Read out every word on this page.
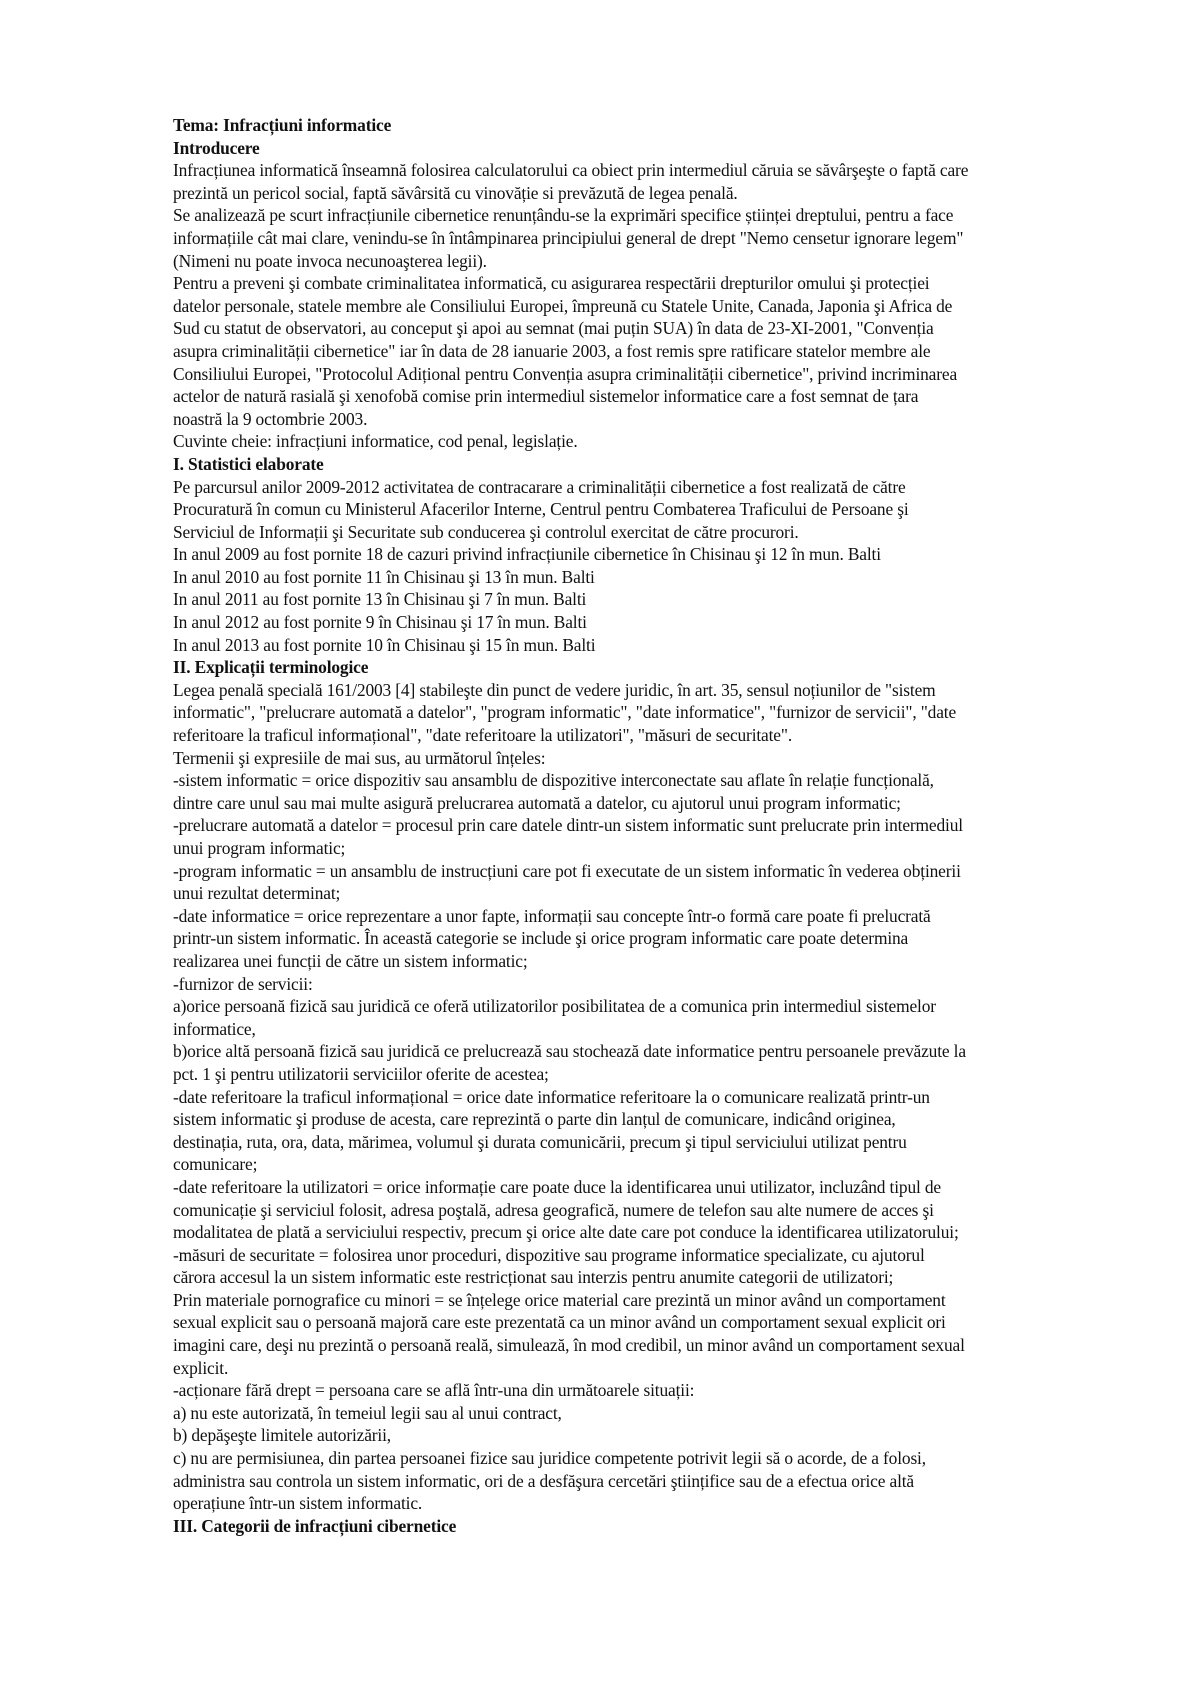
Tema: Infracțiuni informatice
Introducere
Infracțiunea informatică înseamnă folosirea calculatorului ca obiect prin intermediul căruia se săvârşeşte o faptă care
prezintă un pericol social, faptă săvârsită cu vinovăție si prevăzută de legea penală.
Se analizează pe scurt infracțiunile cibernetice renunțându-se la exprimări specifice științei dreptului, pentru a face
informațiile cât mai clare, venindu-se în întâmpinarea principiului general de drept "Nemo censetur ignorare legem"
(Nimeni nu poate invoca necunoaşterea legii).
Pentru a preveni şi combate criminalitatea informatică, cu asigurarea respectării drepturilor omului şi protecției
datelor personale, statele membre ale Consiliului Europei, împreună cu Statele Unite, Canada, Japonia şi Africa de
Sud cu statut de observatori, au conceput şi apoi au semnat (mai puțin SUA) în data de 23-XI-2001, "Convenția
asupra criminalității cibernetice" iar în data de 28 ianuarie 2003, a fost remis spre ratificare statelor membre ale
Consiliului Europei, "Protocolul Adițional pentru Convenția asupra criminalității cibernetice", privind incriminarea
actelor de natură rasială şi xenofobă comise prin intermediul sistemelor informatice care a fost semnat de țara
noastră la 9 octombrie 2003.
Cuvinte cheie: infracțiuni informatice, cod penal, legislație.
I. Statistici elaborate
Pe parcursul anilor 2009-2012 activitatea de contracarare a criminalității cibernetice a fost realizată de către
Procuratură în comun cu Ministerul Afacerilor Interne, Centrul pentru Combaterea Traficului de Persoane şi
Serviciul de Informații şi Securitate sub conducerea şi controlul exercitat de către procurori.
In anul 2009 au fost pornite 18 de cazuri privind infracțiunile cibernetice în Chisinau şi 12 în mun. Balti
In anul 2010 au fost pornite 11 în Chisinau şi 13 în mun. Balti
In anul 2011 au fost pornite 13 în Chisinau şi 7 în mun. Balti
In anul 2012 au fost pornite 9 în Chisinau şi 17 în mun. Balti
In anul 2013 au fost pornite 10 în Chisinau şi 15 în mun. Balti
II. Explicații terminologice
Legea penală specială 161/2003 [4] stabileşte din punct de vedere juridic, în art. 35, sensul noțiunilor de "sistem
informatic", "prelucrare automată a datelor", "program informatic", "date informatice", "furnizor de servicii", "date
referitoare la traficul informațional", "date referitoare la utilizatori", "măsuri de securitate".
Termenii şi expresiile de mai sus, au următorul înțeles:
-sistem informatic = orice dispozitiv sau ansamblu de dispozitive interconectate sau aflate în relație funcțională,
dintre care unul sau mai multe asigură prelucrarea automată a datelor, cu ajutorul unui program informatic;
-prelucrare automată a datelor = procesul prin care datele dintr-un sistem informatic sunt prelucrate prin intermediul
unui program informatic;
-program informatic = un ansamblu de instrucțiuni care pot fi executate de un sistem informatic în vederea obținerii
unui rezultat determinat;
-date informatice = orice reprezentare a unor fapte, informații sau concepte într-o formă care poate fi prelucrată
printr-un sistem informatic. În această categorie se include şi orice program informatic care poate determina
realizarea unei funcții de către un sistem informatic;
-furnizor de servicii:
a)orice persoană fizică sau juridică ce oferă utilizatorilor posibilitatea de a comunica prin intermediul sistemelor
informatice,
b)orice altă persoană fizică sau juridică ce prelucrează sau stochează date informatice pentru persoanele prevăzute la
pct. 1 şi pentru utilizatorii serviciilor oferite de acestea;
-date referitoare la traficul informațional = orice date informatice referitoare la o comunicare realizată printr-un
sistem informatic şi produse de acesta, care reprezintă o parte din lanțul de comunicare, indicând originea,
destinația, ruta, ora, data, mărimea, volumul şi durata comunicării, precum şi tipul serviciului utilizat pentru
comunicare;
-date referitoare la utilizatori = orice informație care poate duce la identificarea unui utilizator, incluzând tipul de
comunicație şi serviciul folosit, adresa poştală, adresa geografică, numere de telefon sau alte numere de acces şi
modalitatea de plată a serviciului respectiv, precum şi orice alte date care pot conduce la identificarea utilizatorului;
-măsuri de securitate = folosirea unor proceduri, dispozitive sau programe informatice specializate, cu ajutorul
cărora accesul la un sistem informatic este restricționat sau interzis pentru anumite categorii de utilizatori;
Prin materiale pornografice cu minori = se înțelege orice material care prezintă un minor având un comportament
sexual explicit sau o persoană majoră care este prezentată ca un minor având un comportament sexual explicit ori
imagini care, deşi nu prezintă o persoană reală, simulează, în mod credibil, un minor având un comportament sexual
explicit.
-acționare fără drept = persoana care se află într-una din următoarele situații:
a) nu este autorizată, în temeiul legii sau al unui contract,
b) depăşeşte limitele autorizării,
c) nu are permisiunea, din partea persoanei fizice sau juridice competente potrivit legii să o acorde, de a folosi,
administra sau controla un sistem informatic, ori de a desfăşura cercetări ştiințifice sau de a efectua orice altă
operațiune într-un sistem informatic.
III. Categorii de infracțiuni cibernetice
